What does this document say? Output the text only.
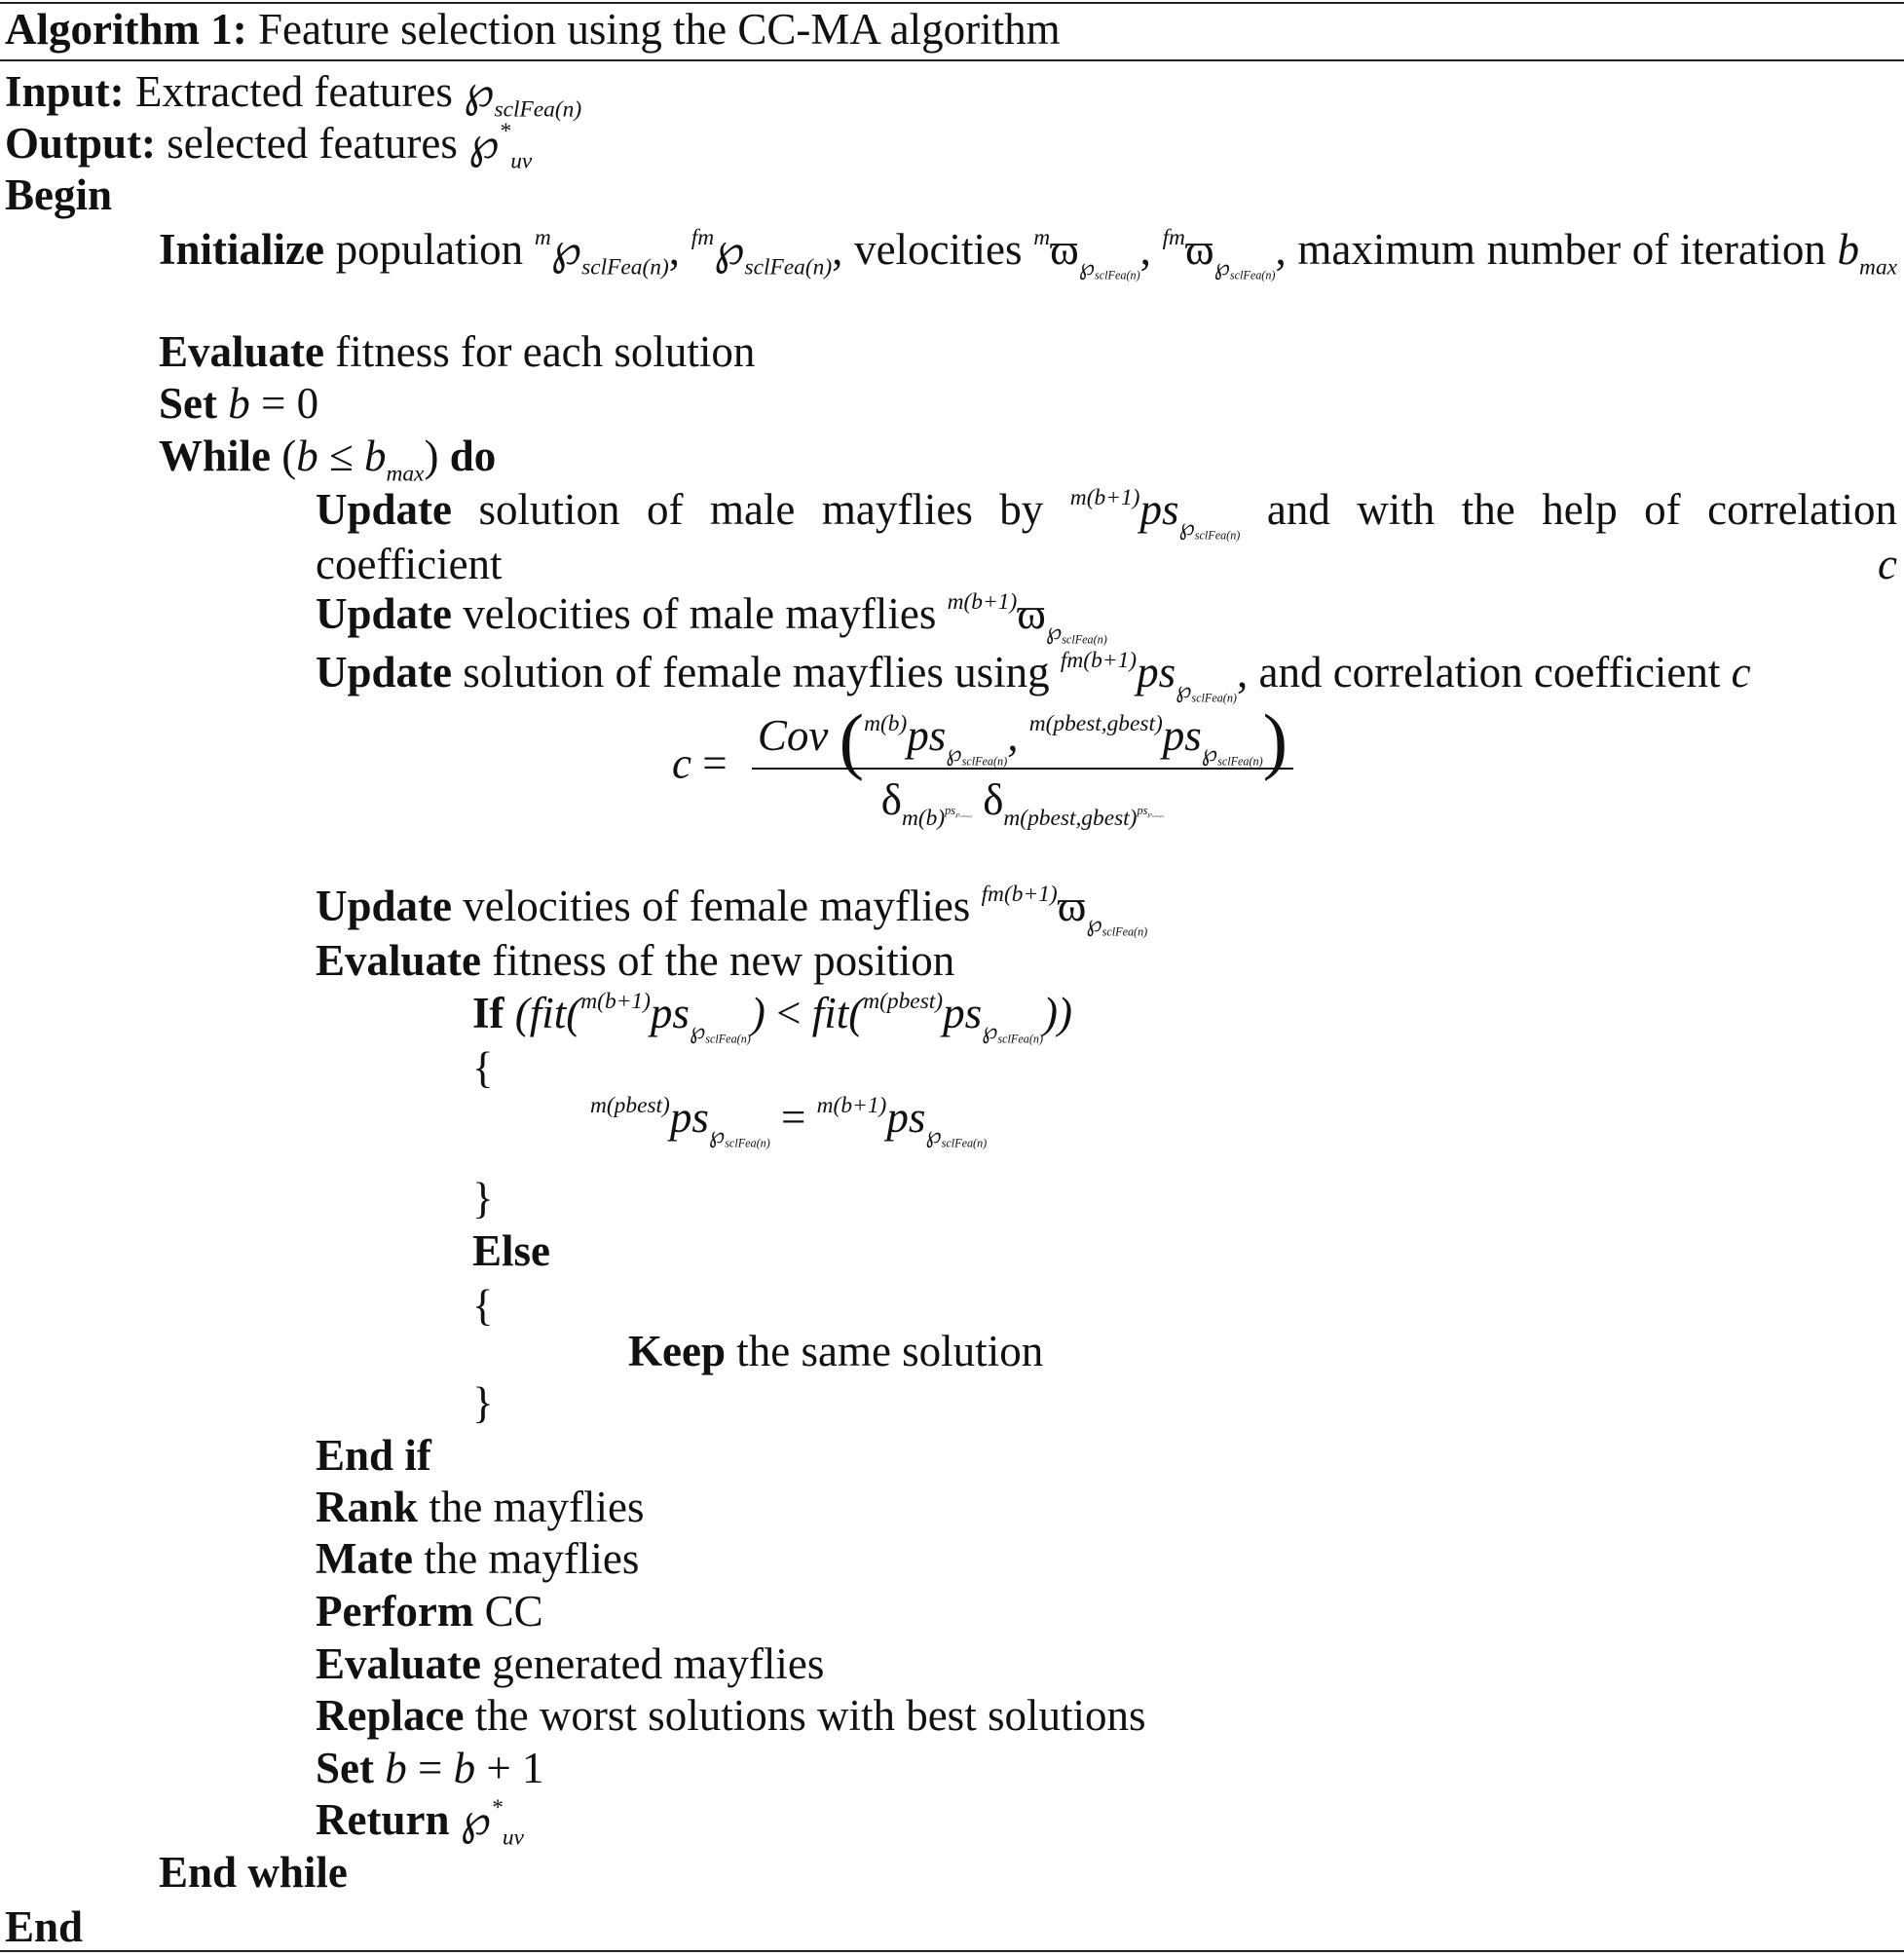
Algorithm 1: Feature selection using the CC-MA algorithm
Input: Extracted features $℘_{sclFea(n)}$
Output: selected features $℘^*_{uv}$
Begin
Initialize population $^m℘_{sclFea(n)}$, $^{fm}℘_{sclFea(n)}$, velocities $^mϖ_{℘_{sclFea(n)}}$, $^{fm}ϖ_{℘_{sclFea(n)}}$, maximum number of iteration $b_{max}$
Evaluate fitness for each solution
Set b = 0
While $(b \le b_{max})$ do
Update solution of male mayflies by $^{m(b+1)}ps_{℘_{sclFea(n)}}$ and with the help of correlation coefficient	c
Update velocities of male mayflies $^{m(b+1)}ϖ_{℘_{sclFea(n)}}$
Update solution of female mayflies using $^{fm(b+1)}ps_{℘_{sclFea(n)}}$, and correlation coefficient c
$c = \frac{Cov (^{m(b)}ps_{℘_{sclFea(n)}}, ^{m(pbest,gbest)}ps_{℘_{sclFea(n)}})}{\delta_{m(b)^{ps_{℘_{sclFea(n)}}}} \delta_{m(pbest,gbest)^{ps_{℘_{sclFea(n)}}}}}$
Update velocities of female mayflies $^{fm(b+1)}ϖ_{℘_{sclFea(n)}}$
Evaluate fitness of the new position
If $(fit(^{m(b+1)}ps_{℘_{sclFea(n)}}) < fit(^{m(pbest)}ps_{℘_{sclFea(n)}}))$
{
$^{m(pbest)}ps_{℘_{sclFea(n)}} = ^{m(b+1)}ps_{℘_{sclFea(n)}}$
}
Else
{
Keep the same solution
}
End if
Rank the mayflies
Mate the mayflies
Perform CC
Evaluate generated mayflies
Replace the worst solutions with best solutions
Set b = b + 1
Return $℘^*_{uv}$
End while
End
